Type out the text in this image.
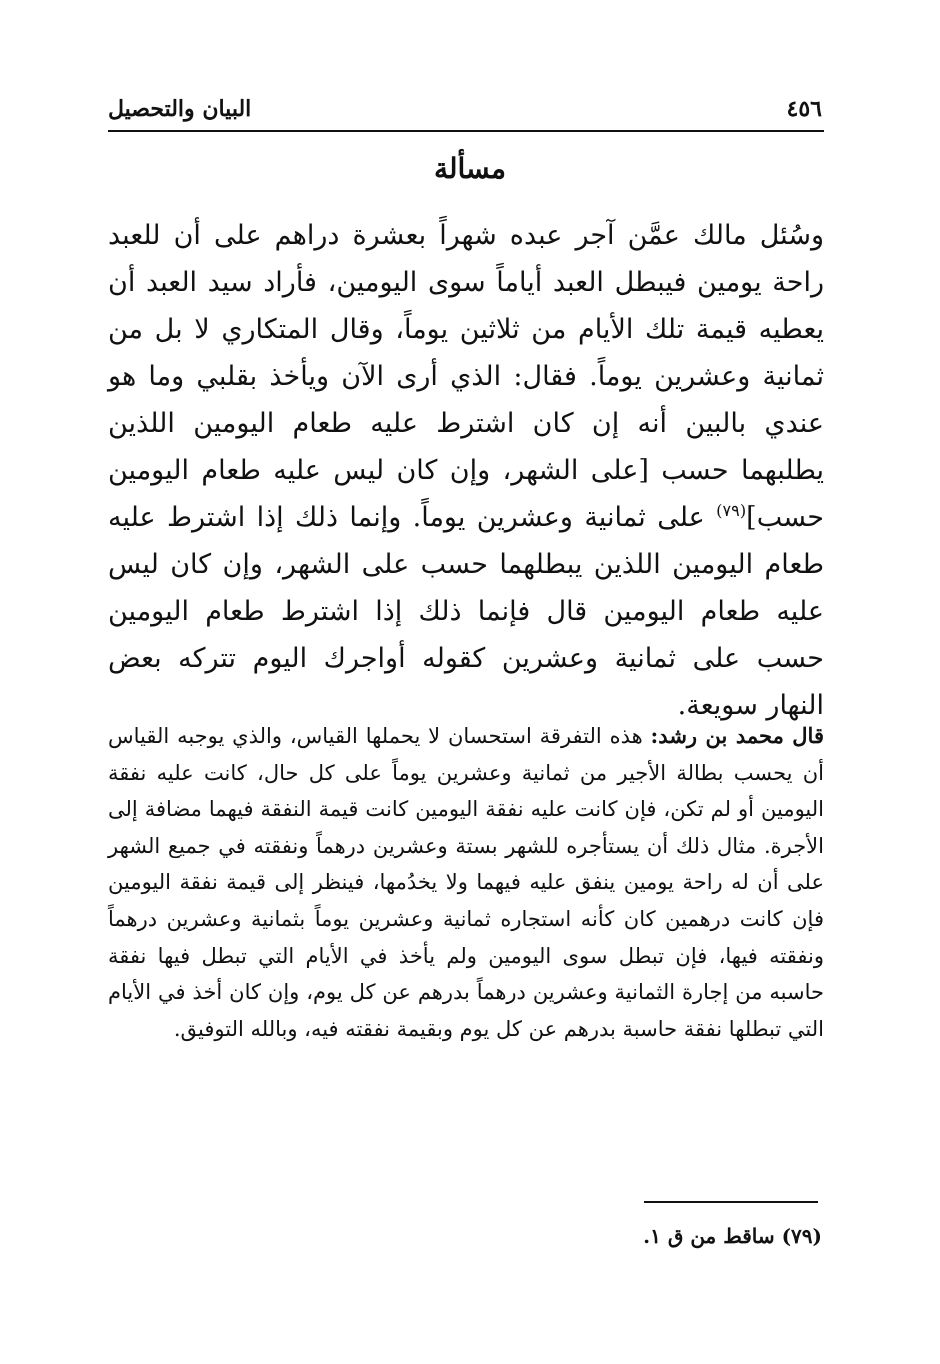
٤٥٦
البيان والتحصيل
مسألة

وسُئل مالك عمَّن آجر عبده شهراً بعشرة دراهم على أن للعبد راحة يومين فيبطل العبد أياماً سوى اليومين، فأراد سيد العبد أن يعطيه قيمة تلك الأيام من ثلاثين يوماً، وقال المتكاري لا بل من ثمانية وعشرين يوماً. فقال: الذي أرى الآن ويأخذ بقلبي وما هو عندي بالبين أنه إن كان اشترط عليه طعام اليومين اللذين يطلبهما حسب [على الشهر، وإن كان ليس عليه طعام اليومين حسب]$^{(٧٩)}$ على ثمانية وعشرين يوماً. وإنما ذلك إذا اشترط عليه طعام اليومين اللذين يبطلهما حسب على الشهر، وإن كان ليس عليه طعام اليومين قال فإنما ذلك إذا اشترط طعام اليومين حسب على ثمانية وعشرين كقوله أواجرك اليوم تتركه بعض النهار سويعة.

قال محمد بن رشد: هذه التفرقة استحسان لا يحملها القياس، والذي يوجبه القياس أن يحسب بطالة الأجير من ثمانية وعشرين يوماً على كل حال، كانت عليه نفقة اليومين أو لم تكن، فإن كانت عليه نفقة اليومين كانت قيمة النفقة فيهما مضافة إلى الأجرة. مثال ذلك أن يستأجره للشهر بستة وعشرين درهماً ونفقته في جميع الشهر على أن له راحة يومين ينفق عليه فيهما ولا يخدُمها، فينظر إلى قيمة نفقة اليومين فإن كانت درهمين كان كأنه استجاره ثمانية وعشرين يوماً بثمانية وعشرين درهماً ونفقته فيها، فإن تبطل سوى اليومين ولم يأخذ في الأيام التي تبطل فيها نفقة حاسبه من إجارة الثمانية وعشرين درهماً بدرهم عن كل يوم، وإن كان أخذ في الأيام التي تبطلها نفقة حاسبة بدرهم عن كل يوم وبقيمة نفقته فيه، وبالله التوفيق.

(٧٩) ساقط من ق ١.
